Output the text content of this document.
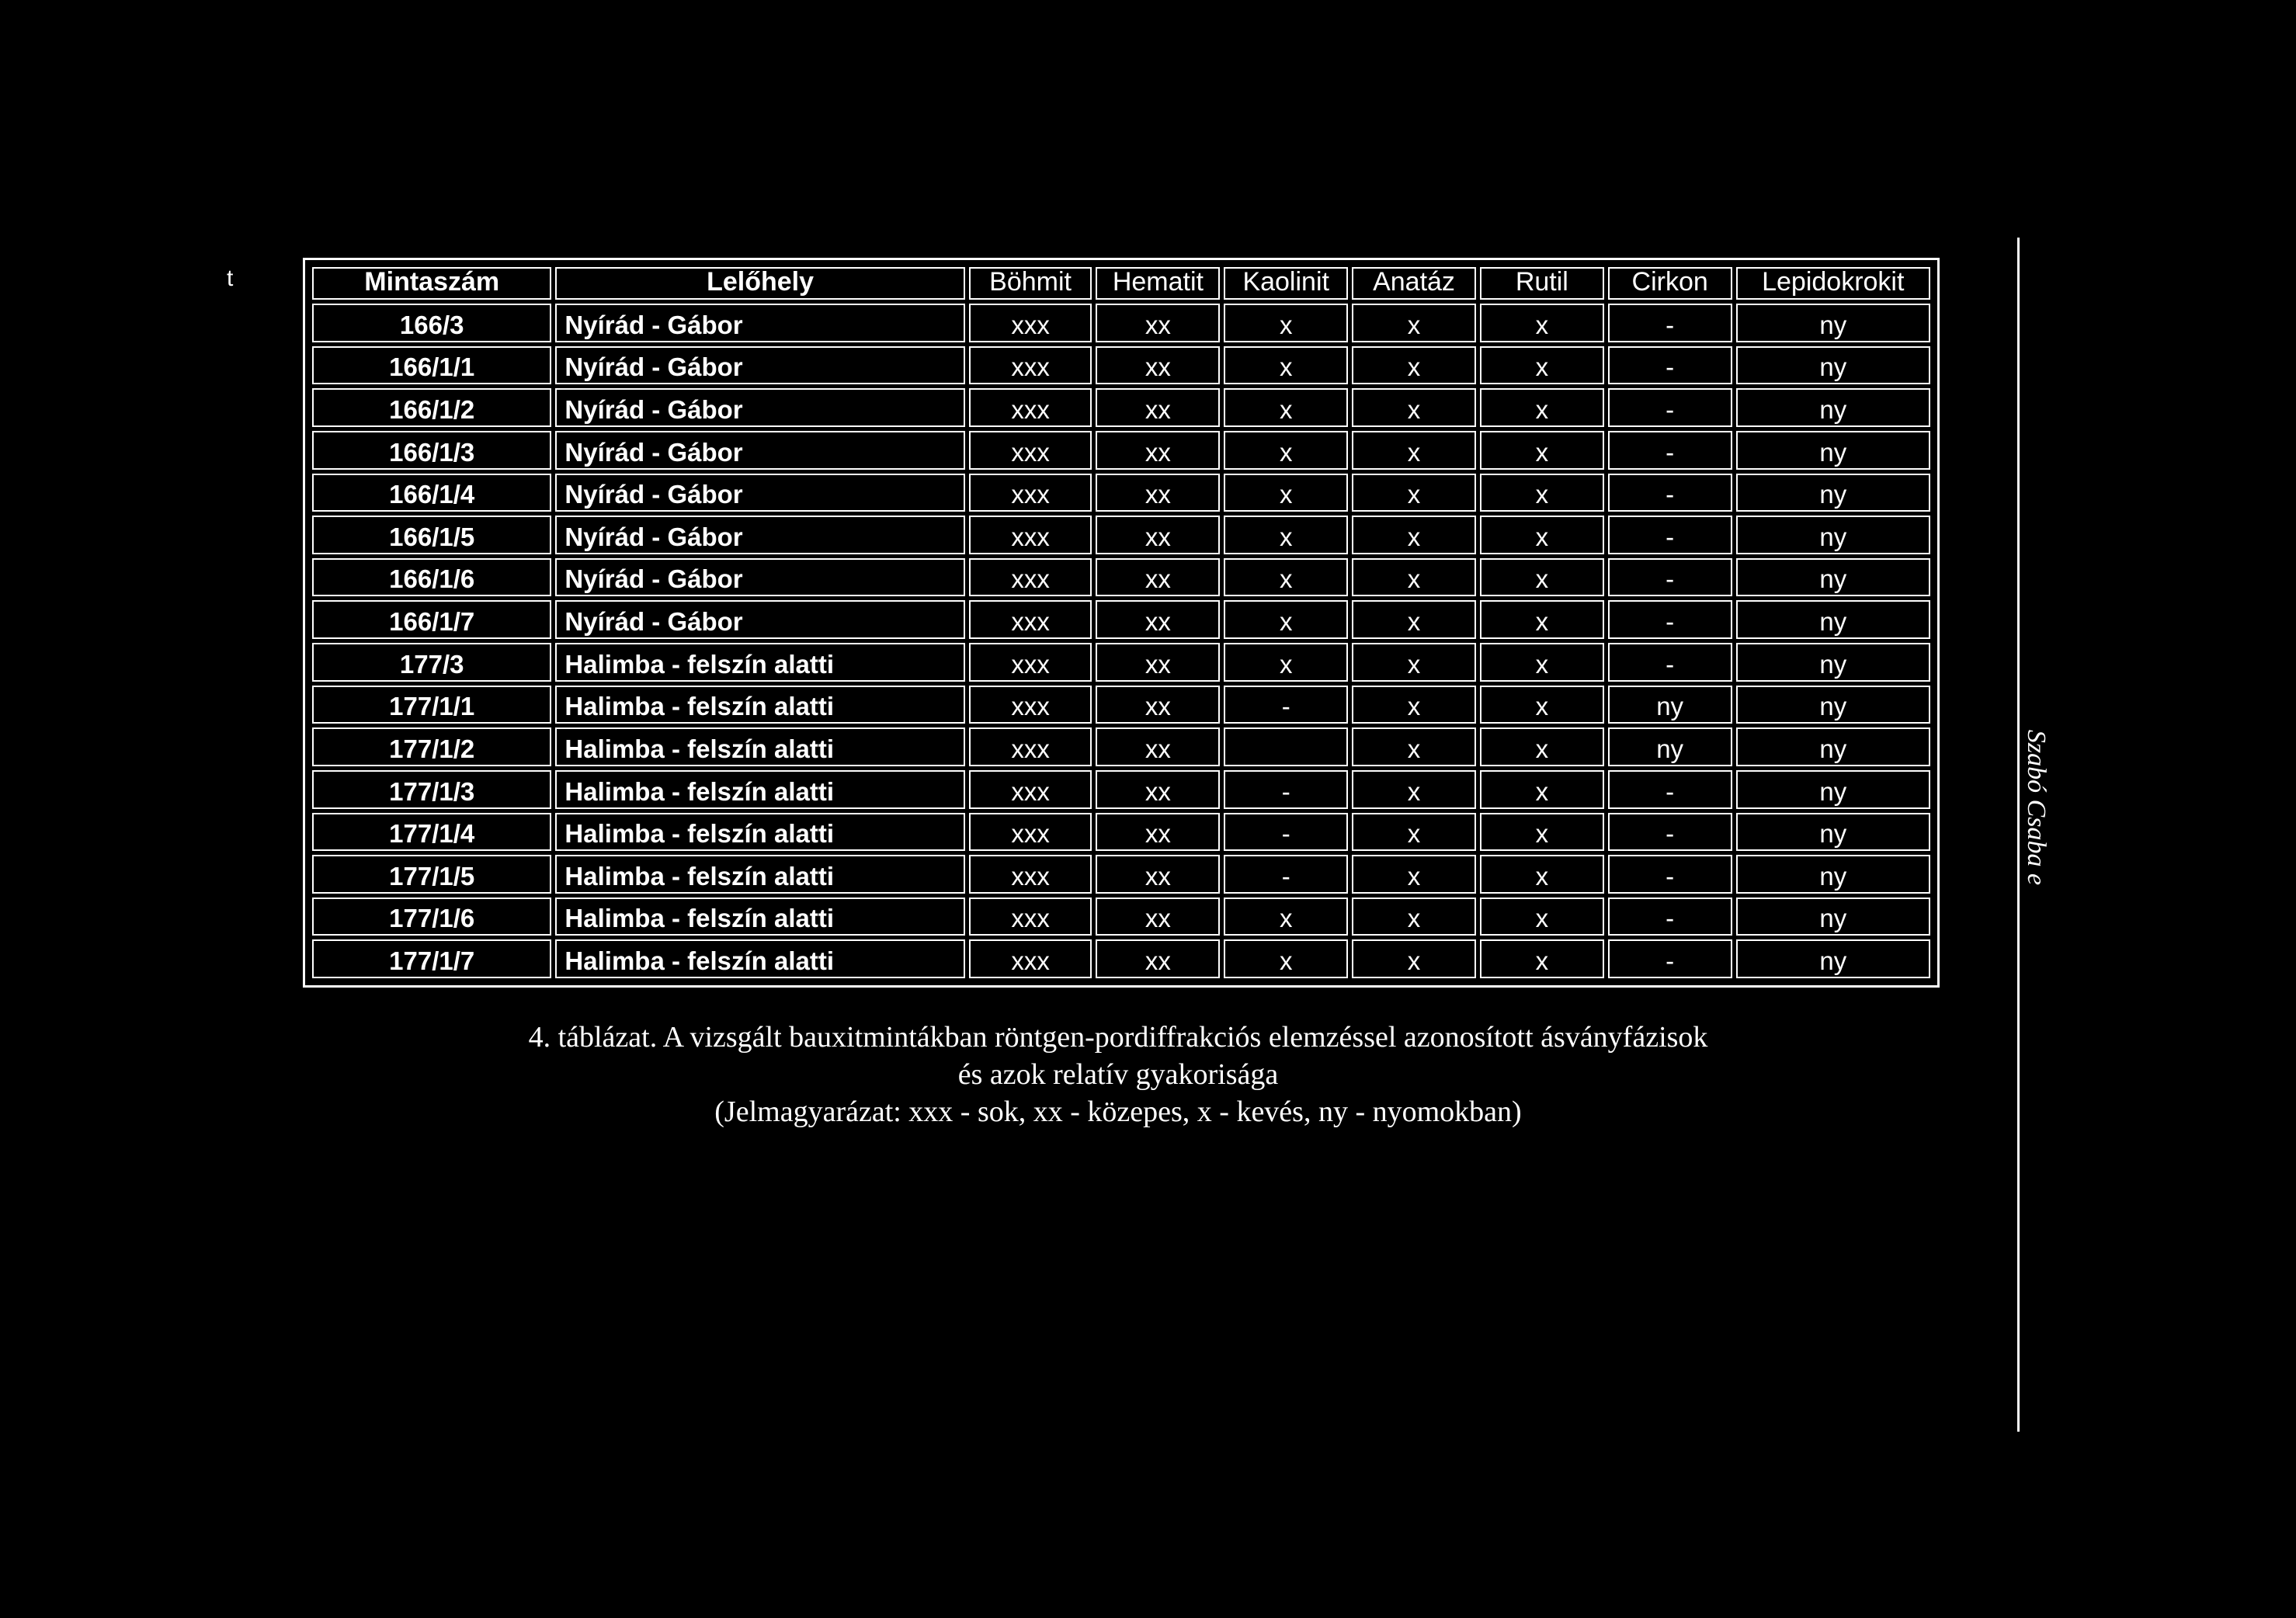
t	Mintaszám	Lelőhely	Böhmit	Hematit	Kaolinit	Anatáz	Rutil	Cirkon	Lepidokrokit
166/3	Nyírád - Gábor	xxx	xx	x	x	x	-	ny
166/1/1	Nyírád - Gábor	xxx	xx	x	x	x	-	ny
166/1/2	Nyírád - Gábor	xxx	xx	x	x	x	-	ny
166/1/3	Nyírád - Gábor	xxx	xx	x	x	x	-	ny
166/1/4	Nyírád - Gábor	xxx	xx	x	x	x	-	ny
166/1/5	Nyírád - Gábor	xxx	xx	x	x	x	-	ny
166/1/6	Nyírád - Gábor	xxx	xx	x	x	x	-	ny
166/1/7	Nyírád - Gábor	xxx	xx	x	x	x	-	ny
177/3	Halimba - felszín alatti	xxx	xx	x	x	x	-	ny
177/1/1	Halimba - felszín alatti	xxx	xx	-	x	x	ny	ny
177/1/2	Halimba - felszín alatti	xxx	xx		x	x	ny	ny
177/1/3	Halimba - felszín alatti	xxx	xx	-	x	x	-	ny
177/1/4	Halimba - felszín alatti	xxx	xx	-	x	x	-	ny
177/1/5	Halimba - felszín alatti	xxx	xx	-	x	x	-	ny
177/1/6	Halimba - felszín alatti	xxx	xx	x	x	x	-	ny
177/1/7	Halimba - felszín alatti	xxx	xx	x	x	x	-	ny
4. táblázat. A vizsgált bauxitmintákban röntgen-pordiffrakciós elemzéssel azonosított ásványfázisok
és azok relatív gyakorisága
(Jelmagyarázat: xxx - sok, xx - közepes, x - kevés, ny - nyomokban)
Szabó Csaba e
